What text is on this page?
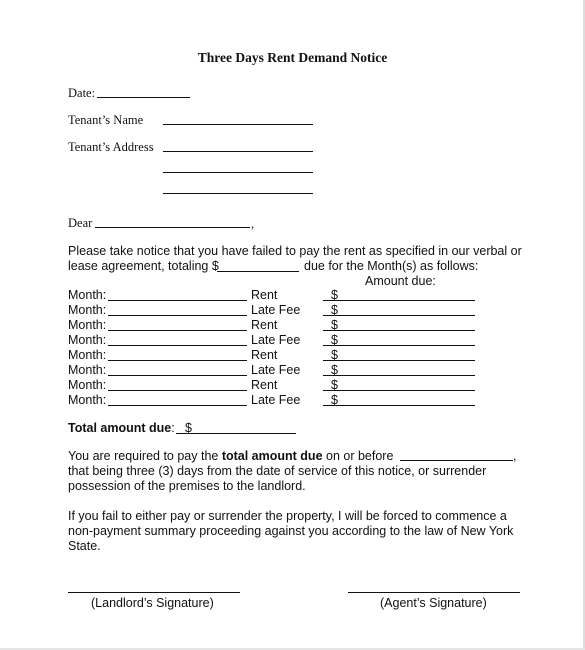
Three Days Rent Demand Notice
Date:
Tenant’s Name
Tenant’s Address
Dear	,
Please take notice that you have failed to pay the rent as specified in our verbal or
lease agreement, totaling $	due for the Month(s) as follows:
Amount due:
Month:	Rent	$
Month:	Late Fee $
Month:	Rent	$
Month:	Late Fee $
Month:	Rent	$
Month:	Late Fee $
Month:	Rent	$
Month:	Late Fee $
Total amount due: $
You are required to pay the total amount due on or before	,
that being three (3) days from the date of service of this notice, or surrender
possession of the premises to the landlord.
If you fail to either pay or surrender the property, I will be forced to commence a
non-payment summary proceeding against you according to the law of New York
State.
(Landlord’s Signature)	(Agent’s Signature)
